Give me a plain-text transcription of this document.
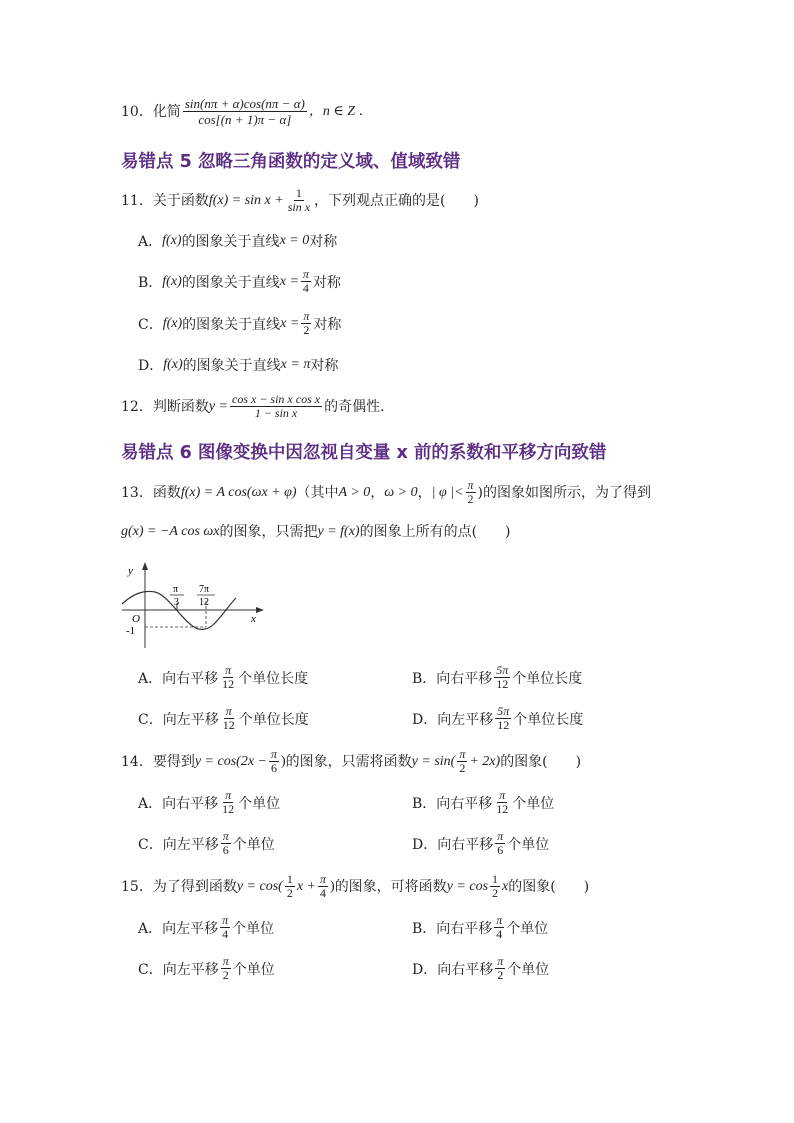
10．化简 $\frac{\sin(n\pi + \alpha)\cos(n\pi - \alpha)}{\cos[(n + 1)\pi - \alpha]}$ ，n ∈ Z ．
易错点 5 忽略三角函数的定义域、值域致错
11．关于函数 $f(x) = \sin x + \frac{1}{\text{sin x}}$ ，下列观点正确的是(　　)
A． f(x) 的图象关于直线 x = 0 对称
B． f(x) 的图象关于直线 $x = \frac{\pi}{4}$ 对称
C． f(x) 的图象关于直线 $x = \frac{\pi}{2}$ 对称
D． f(x) 的图象关于直线 x = π 对称
12．判断函数 $y = \frac{\text{cos x − sin x cos x}}{\text{1 − sin x}}$ 的奇偶性．
易错点 6 图像变换中因忽视自变量 x 前的系数和平移方向致错
13．函数 f(x) = A cos(ωx + φ) （其中 A > 0 ， ω > 0 ， | φ |< $\frac{\pi}{2}$ )的图象如图所示，为了得到
g(x) = −A cos ωx 的图象，只需把 y = f(x) 的图象上所有的点(　　)
y
x
O
-1
π
3
7π
12
A．向右平移 $\frac{\pi}{12}$ 个单位长度	B．向右平移 $\frac{5\pi}{12}$ 个单位长度
C．向左平移 $\frac{\pi}{12}$ 个单位长度	D．向左平移 $\frac{5\pi}{12}$ 个单位长度
14．要得到 $y = \cos(2x - \frac{\pi}{6}$ ) 的图象，只需将函数 $y = \sin( \frac{\pi}{2} + 2x)$ 的图象(　　)
A．向右平移 $\frac{\pi}{12}$ 个单位	B．向右平移 $\frac{\pi}{12}$ 个单位
C．向左平移 $\frac{\pi}{6}$ 个单位	D．向右平移 $\frac{\pi}{6}$ 个单位
15．为了得到函数 $y = \cos( \frac{1}{2}$ $x + \frac{\pi}{4}$ ) 的图象，可将函数 $y = \cos \frac{1}{2}$ x 的图象(　　)
A．向左平移 $\frac{\pi}{4}$ 个单位	B．向右平移 $\frac{\pi}{4}$ 个单位
C．向左平移 $\frac{\pi}{2}$ 个单位	D．向右平移 $\frac{\pi}{2}$ 个单位
